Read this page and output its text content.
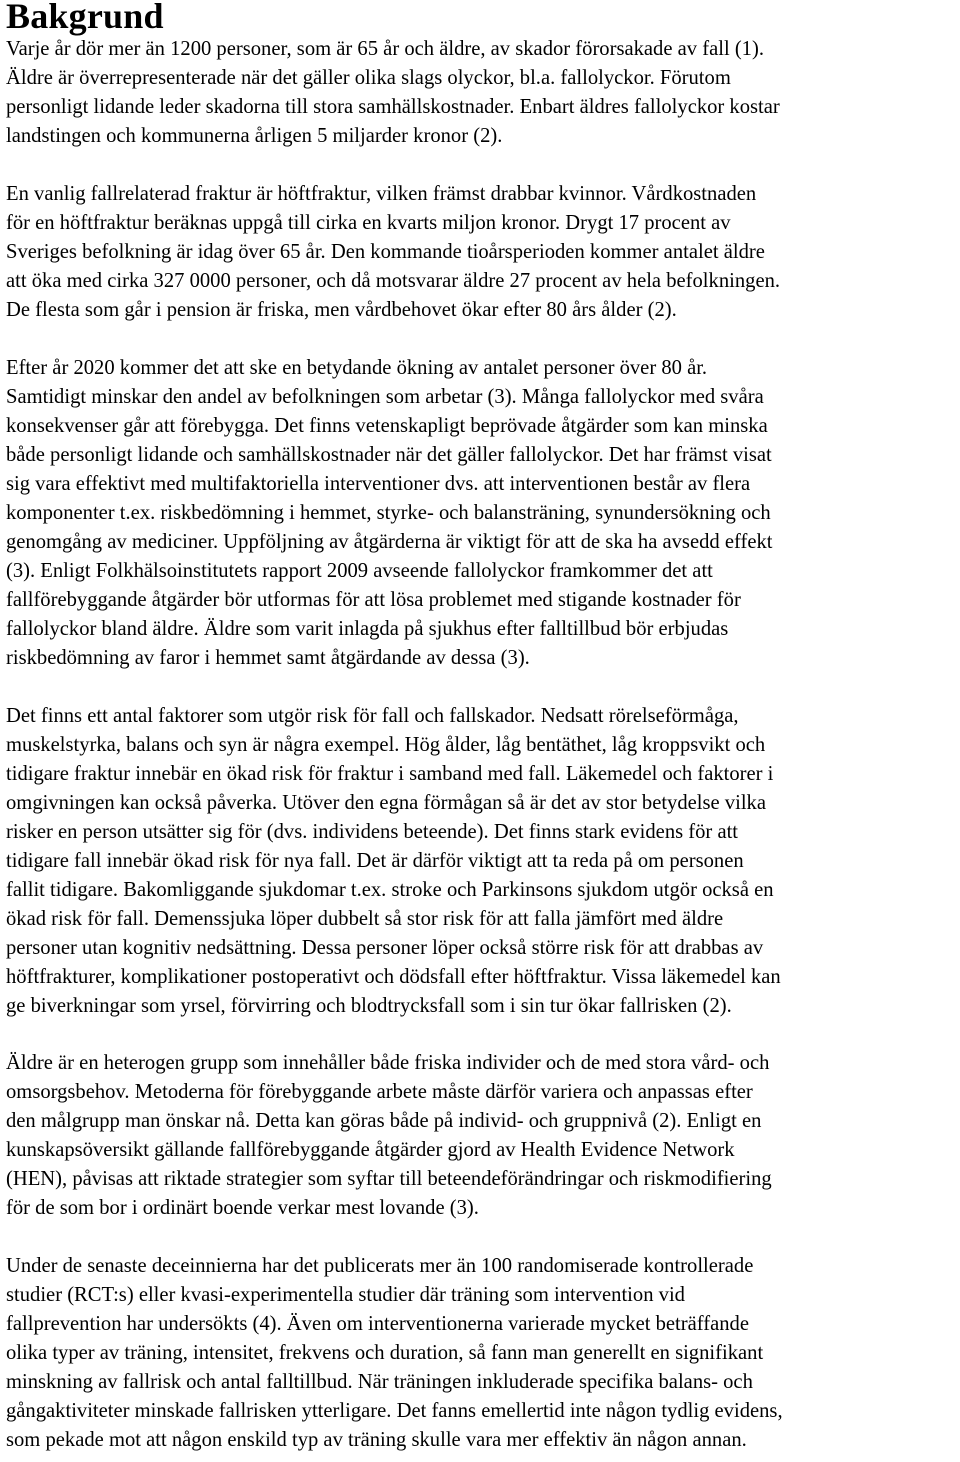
Bakgrund

Varje år dör mer än 1200 personer, som är 65 år och äldre, av skador förorsakade av fall (1).
Äldre är överrepresenterade när det gäller olika slags olyckor, bl.a. fallolyckor. Förutom
personligt lidande leder skadorna till stora samhällskostnader. Enbart äldres fallolyckor kostar
landstingen och kommunerna årligen 5 miljarder kronor (2).

En vanlig fallrelaterad fraktur är höftfraktur, vilken främst drabbar kvinnor. Vårdkostnaden
för en höftfraktur beräknas uppgå till cirka en kvarts miljon kronor. Drygt 17 procent av
Sveriges befolkning är idag över 65 år. Den kommande tioårsperioden kommer antalet äldre
att öka med cirka 327 0000 personer, och då motsvarar äldre 27 procent av hela befolkningen.
De flesta som går i pension är friska, men vårdbehovet ökar efter 80 års ålder (2).

Efter år 2020 kommer det att ske en betydande ökning av antalet personer över 80 år.
Samtidigt minskar den andel av befolkningen som arbetar (3). Många fallolyckor med svåra
konsekvenser går att förebygga. Det finns vetenskapligt beprövade åtgärder som kan minska
både personligt lidande och samhällskostnader när det gäller fallolyckor. Det har främst visat
sig vara effektivt med multifaktoriella interventioner dvs. att interventionen består av flera
komponenter t.ex. riskbedömning i hemmet, styrke- och balansträning, synundersökning och
genomgång av mediciner. Uppföljning av åtgärderna är viktigt för att de ska ha avsedd effekt
(3). Enligt Folkhälsoinstitutets rapport 2009 avseende fallolyckor framkommer det att
fallförebyggande åtgärder bör utformas för att lösa problemet med stigande kostnader för
fallolyckor bland äldre. Äldre som varit inlagda på sjukhus efter falltillbud bör erbjudas
riskbedömning av faror i hemmet samt åtgärdande av dessa (3).

Det finns ett antal faktorer som utgör risk för fall och fallskador. Nedsatt rörelseförmåga,
muskelstyrka, balans och syn är några exempel. Hög ålder, låg bentäthet, låg kroppsvikt och
tidigare fraktur innebär en ökad risk för fraktur i samband med fall. Läkemedel och faktorer i
omgivningen kan också påverka. Utöver den egna förmågan så är det av stor betydelse vilka
risker en person utsätter sig för (dvs. individens beteende). Det finns stark evidens för att
tidigare fall innebär ökad risk för nya fall. Det är därför viktigt att ta reda på om personen
fallit tidigare. Bakomliggande sjukdomar t.ex. stroke och Parkinsons sjukdom utgör också en
ökad risk för fall. Demenssjuka löper dubbelt så stor risk för att falla jämfört med äldre
personer utan kognitiv nedsättning. Dessa personer löper också större risk för att drabbas av
höftfrakturer, komplikationer postoperativt och dödsfall efter höftfraktur. Vissa läkemedel kan
ge biverkningar som yrsel, förvirring och blodtrycksfall som i sin tur ökar fallrisken (2).

Äldre är en heterogen grupp som innehåller både friska individer och de med stora vård- och
omsorgsbehov. Metoderna för förebyggande arbete måste därför variera och anpassas efter
den målgrupp man önskar nå. Detta kan göras både på individ- och gruppnivå (2). Enligt en
kunskapsöversikt gällande fallförebyggande åtgärder gjord av Health Evidence Network
(HEN), påvisas att riktade strategier som syftar till beteendeförändringar och riskmodifiering
för de som bor i ordinärt boende verkar mest lovande (3).

Under de senaste deceinnierna har det publicerats mer än 100 randomiserade kontrollerade
studier (RCT:s) eller kvasi-experimentella studier där träning som intervention vid
fallprevention har undersökts (4). Även om interventionerna varierade mycket beträffande
olika typer av träning, intensitet, frekvens och duration, så fann man generellt en signifikant
minskning av fallrisk och antal falltillbud. När träningen inkluderade specifika balans- och
gångaktiviteter minskade fallrisken ytterligare. Det fanns emellertid inte någon tydlig evidens,
som pekade mot att någon enskild typ av träning skulle vara mer effektiv än någon annan.
